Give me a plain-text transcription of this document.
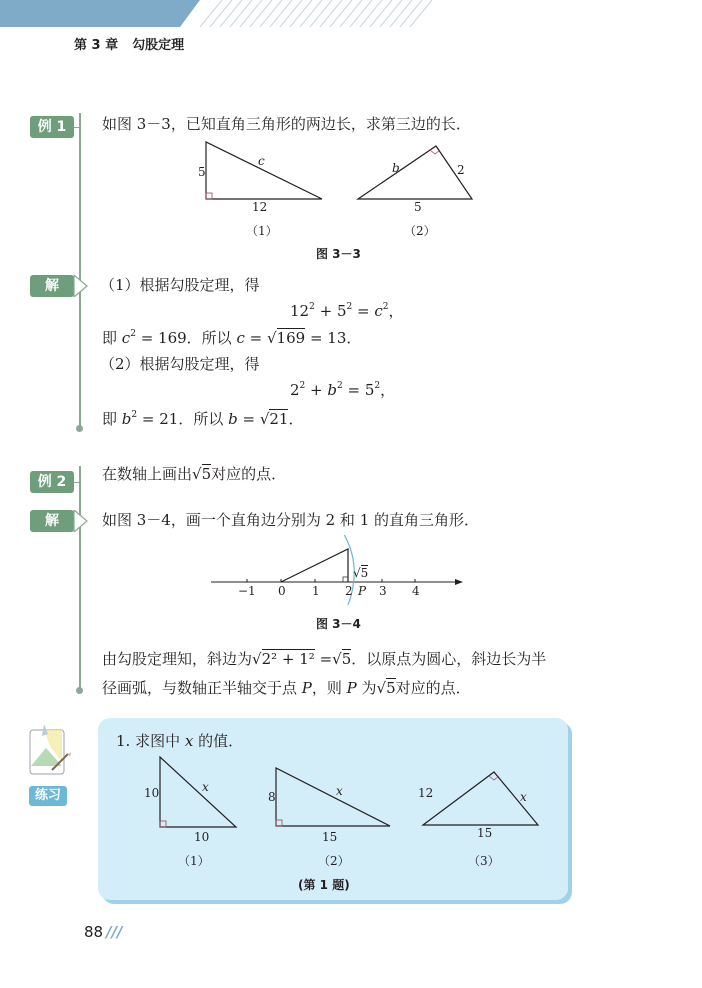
第 3 章 勾股定理
例 1	如图 3－3，已知直角三角形的两边长，求第三边的长．
5
12
c
（1）
b	2
5
（2）
图 3－3
解	（1）根据勾股定理，得
$12^2 + 5^2 = c^2$，
即 $c^2 = 169$．所以 c = √169 = 13．
（2）根据勾股定理，得
$2^2 + b^2 = 5^2$，
即 $b^2 = 21$．所以 b = √21．
例 2	在数轴上画出√5对应的点．
解	如图 3－4，画一个直角边分别为 2 和 1 的直角三角形．
−1 0 1 2 P 3 4
√5
图 3－4
由勾股定理知，斜边为√2² + 1² =√5．以原点为圆心，斜边长为半
径画弧，与数轴正半轴交于点 P，则 P 为√5对应的点．
练习
1. 求图中 x 的值．
10
10
x
（1）
8
15
x
（2）
12	x
15
（3）
(第 1 题)
88 ///
